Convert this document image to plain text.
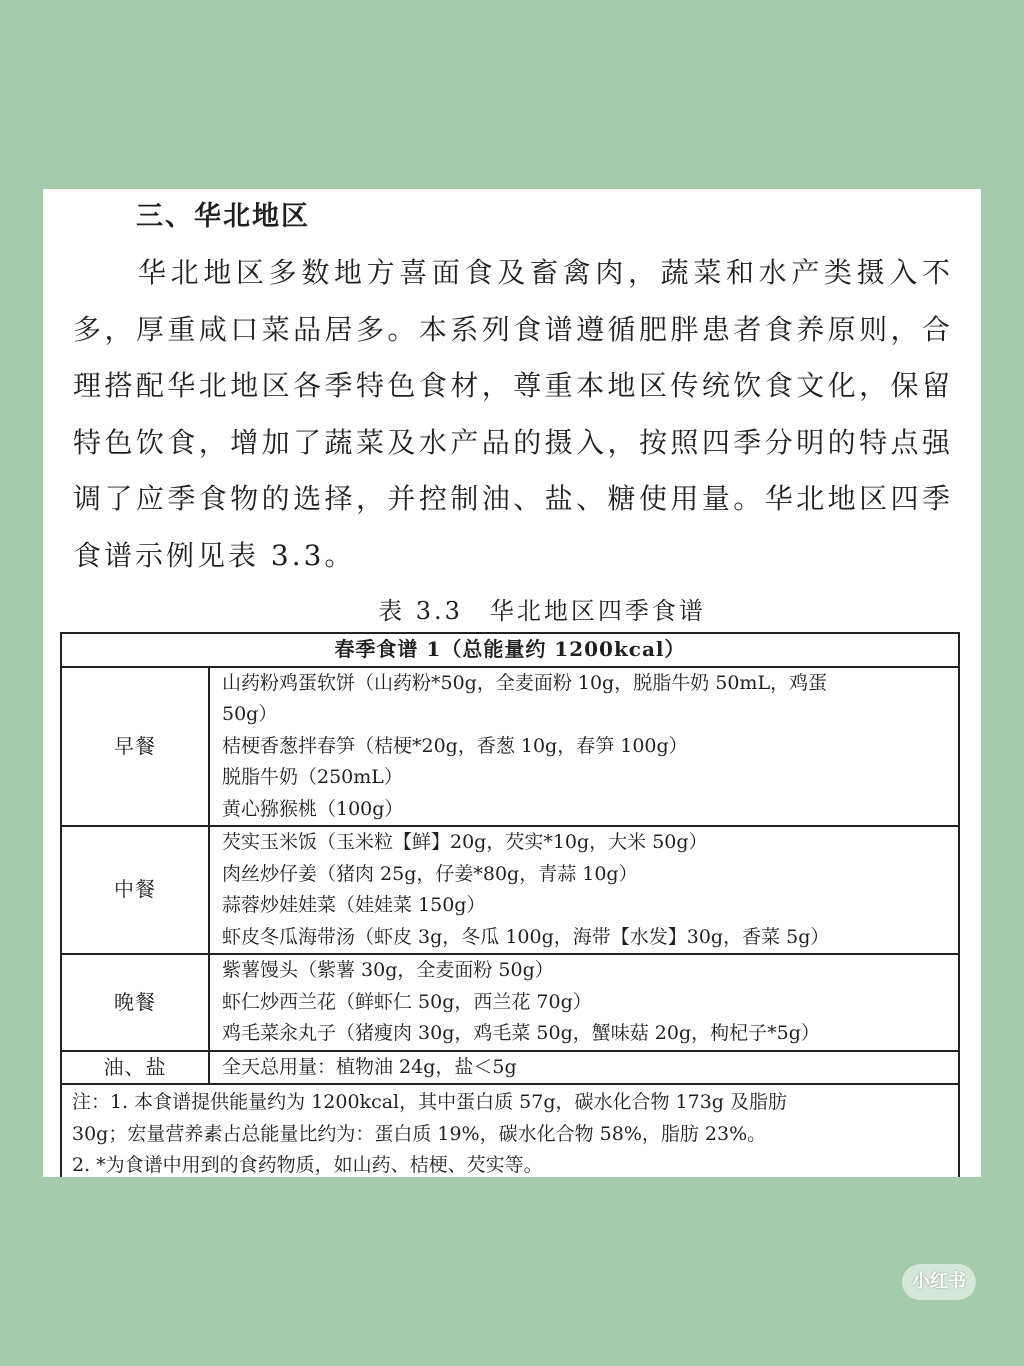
三、华北地区

华北地区多数地方喜面食及畜禽肉，蔬菜和水产类摄入不多，厚重咸口菜品居多。本系列食谱遵循肥胖患者食养原则，合理搭配华北地区各季特色食材，尊重本地区传统饮食文化，保留特色饮食，增加了蔬菜及水产品的摄入，按照四季分明的特点强调了应季食物的选择，并控制油、盐、糖使用量。华北地区四季食谱示例见表 3.3。

表 3.3　华北地区四季食谱

春季食谱 1（总能量约 1200kcal）	
早餐	山药粉鸡蛋软饼（山药粉*50g，全麦面粉 10g，脱脂牛奶 50mL，鸡蛋
50g）
桔梗香葱拌春笋（桔梗*20g，香葱 10g，春笋 100g）
脱脂牛奶（250mL）
黄心猕猴桃（100g）

中餐	芡实玉米饭（玉米粒【鲜】20g，芡实*10g，大米 50g）
肉丝炒仔姜（猪肉 25g，仔姜*80g，青蒜 10g）
蒜蓉炒娃娃菜（娃娃菜 150g）
虾皮冬瓜海带汤（虾皮 3g，冬瓜 100g，海带【水发】30g，香菜 5g）

晚餐	紫薯馒头（紫薯 30g，全麦面粉 50g）
虾仁炒西兰花（鲜虾仁 50g，西兰花 70g）
鸡毛菜汆丸子（猪瘦肉 30g，鸡毛菜 50g，蟹味菇 20g，枸杞子*5g）

油、盐	全天总用量：植物油 24g，盐＜5g

注：1. 本食谱提供能量约为 1200kcal，其中蛋白质 57g，碳水化合物 173g 及脂肪
30g；宏量营养素占总能量比约为：蛋白质 19%，碳水化合物 58%，脂肪 23%。
2. *为食谱中用到的食药物质，如山药、桔梗、芡实等。	
小红书
